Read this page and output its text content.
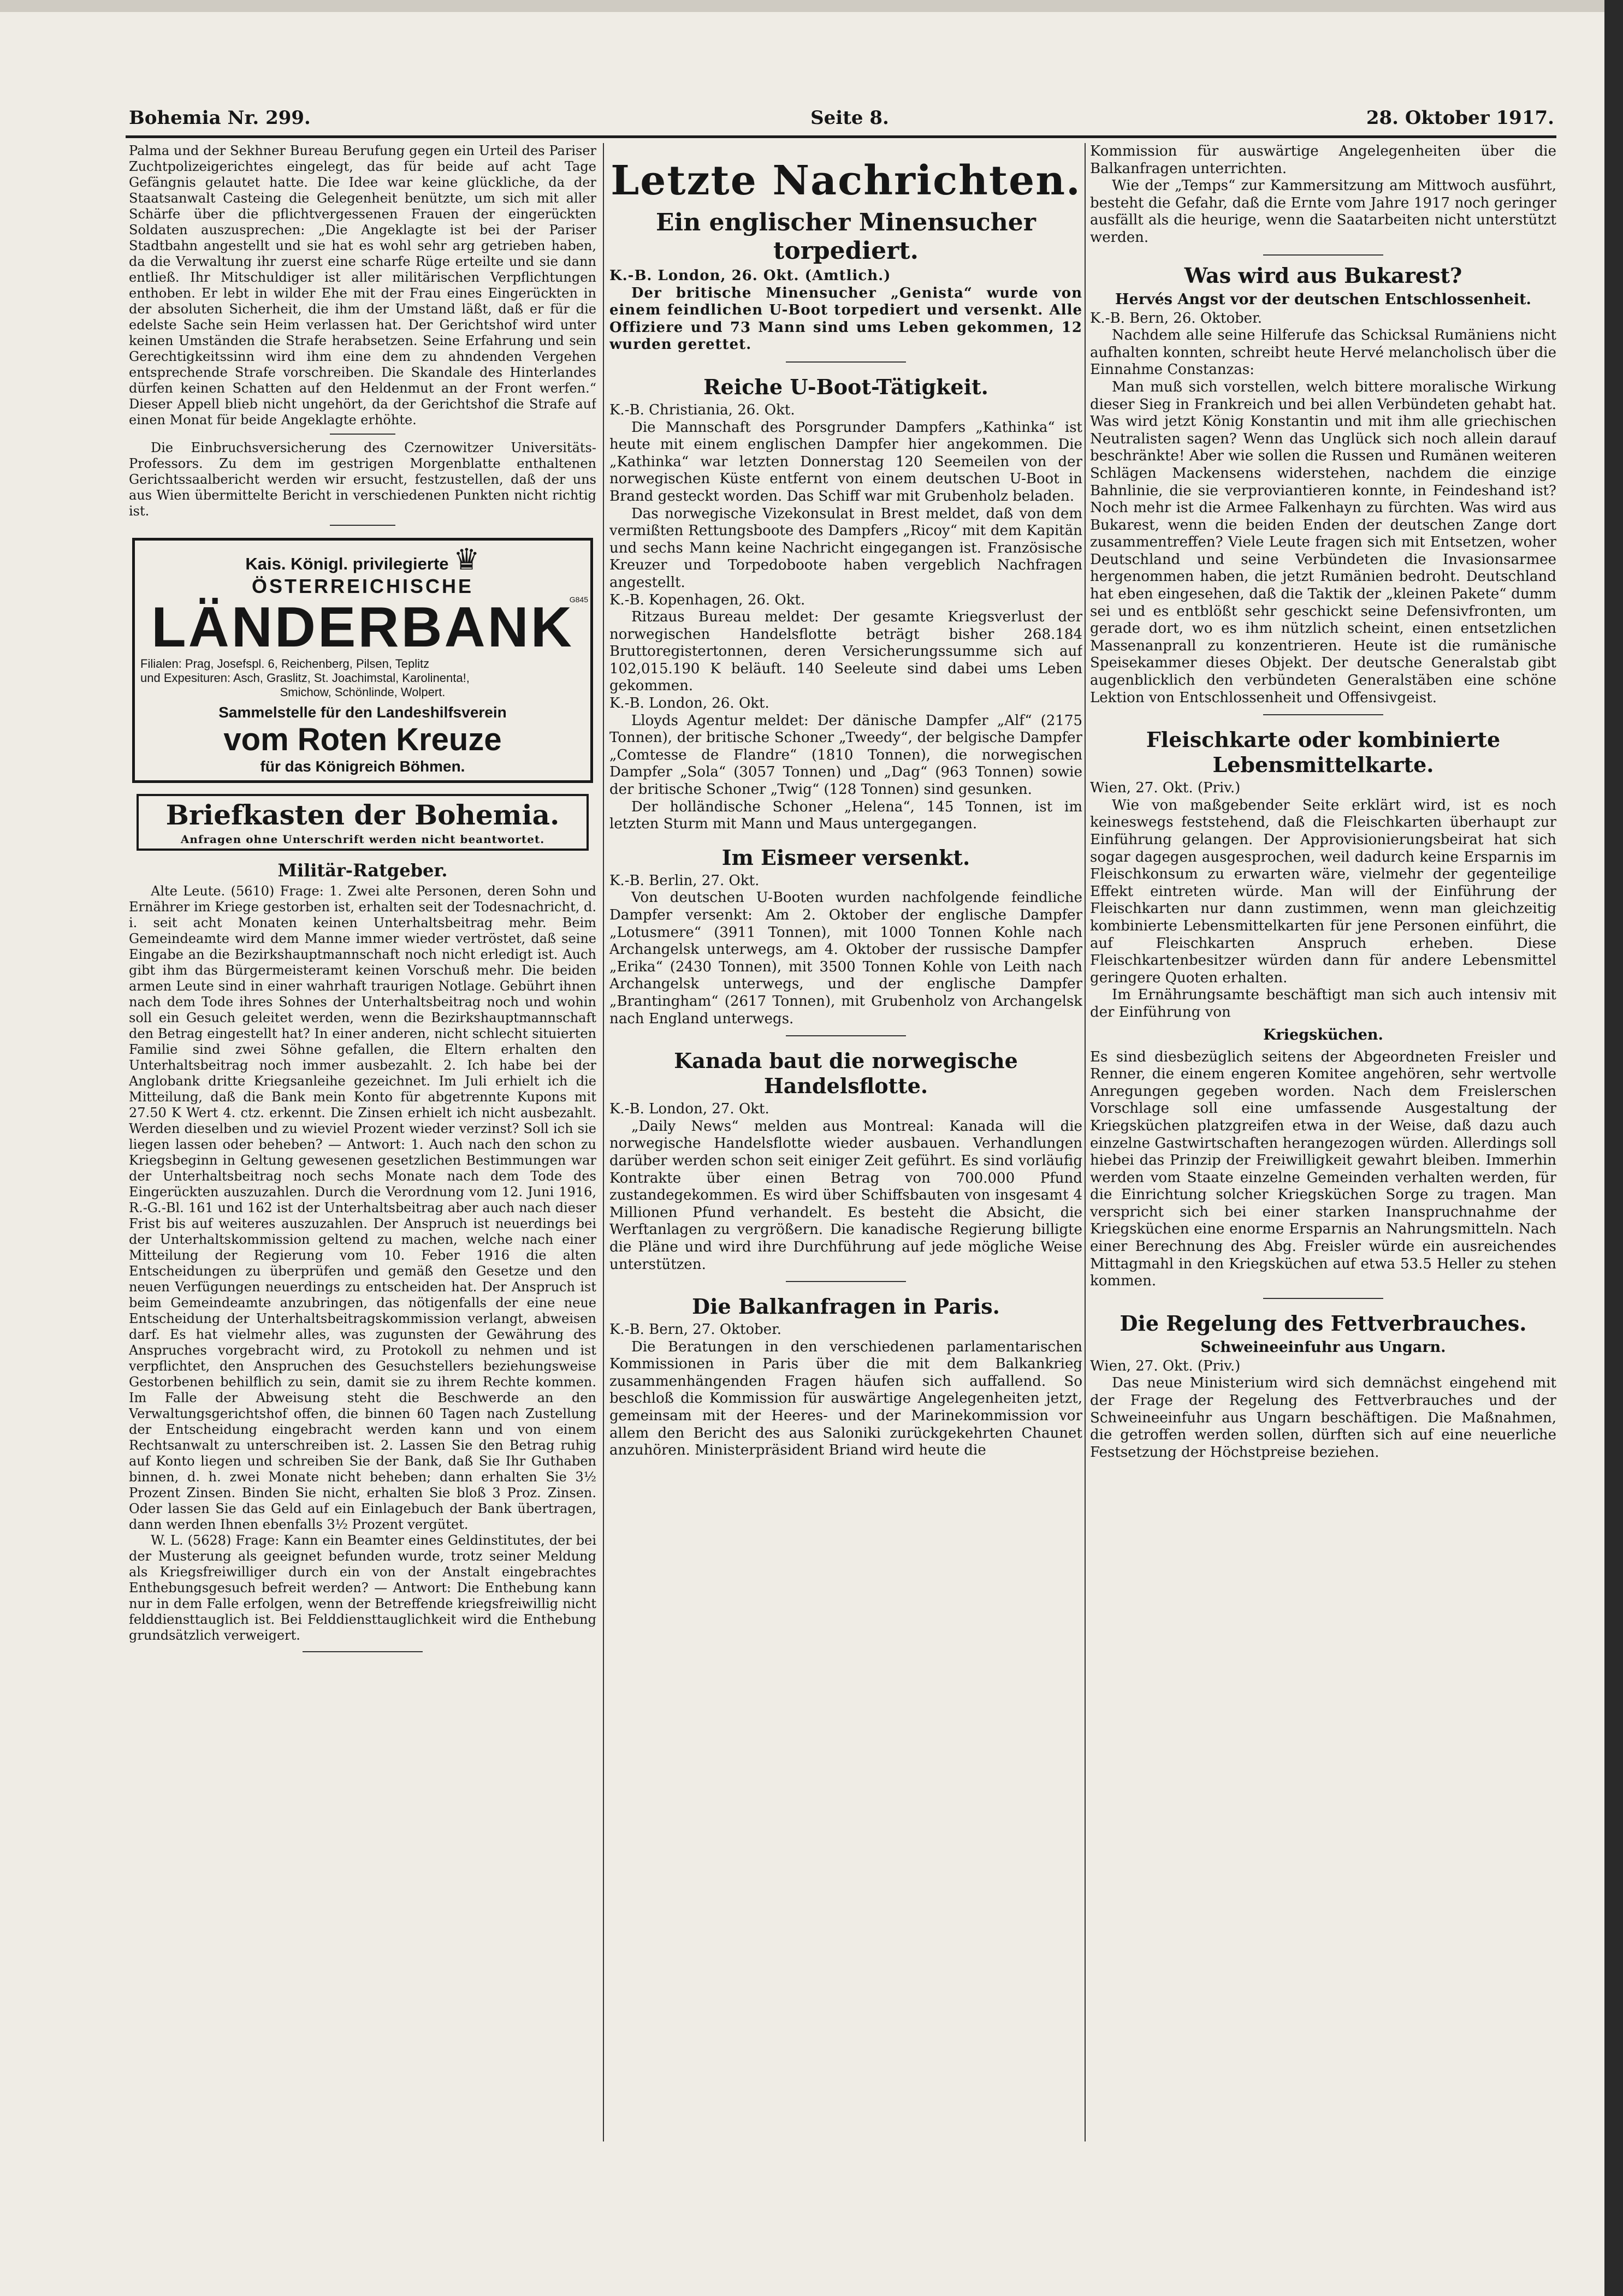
Bohemia Nr. 299.	Seite 8.	28. Oktober 1917.

Palma und der Sekhner Bureau Berufung gegen ein Urteil des Pariser Zuchtpolizeigerichtes eingelegt, das für beide auf acht Tage Gefängnis gelautet hatte. Die Idee war keine glückliche, da der Staatsanwalt Casteing die Gelegenheit benützte, um sich mit aller Schärfe über die pflichtvergessenen Frauen der eingerückten Soldaten auszusprechen: „Die Angeklagte ist bei der Pariser Stadtbahn angestellt und sie hat es wohl sehr arg getrieben haben, da die Verwaltung ihr zuerst eine scharfe Rüge erteilte und sie dann entließ. Ihr Mitschuldiger ist aller militärischen Verpflichtungen enthoben. Er lebt in wilder Ehe mit der Frau eines Eingerückten in der absoluten Sicherheit, die ihm der Umstand läßt, daß er für die edelste Sache sein Heim verlassen hat. Der Gerichtshof wird unter keinen Umständen die Strafe herabsetzen. Seine Erfahrung und sein Gerechtigkeitssinn wird ihm eine dem zu ahndenden Vergehen entsprechende Strafe vorschreiben. Die Skandale des Hinterlandes dürfen keinen Schatten auf den Heldenmut an der Front werfen.“ Dieser Appell blieb nicht ungehört, da der Gerichtshof die Strafe auf einen Monat für beide Angeklagte erhöhte.

Die Einbruchsversicherung des Czernowitzer Universitäts-Professors. Zu dem im gestrigen Morgenblatte enthaltenen Gerichtssaalbericht werden wir ersucht, festzustellen, daß der uns aus Wien übermittelte Bericht in verschiedenen Punkten nicht richtig ist.

Kais. Königl. privilegierte ♛
ÖSTERREICHISCHE
LÄNDERBANK
G845
Filialen: Prag, Josefspl. 6, Reichenberg, Pilsen, Teplitz
und Expesituren: Asch, Graslitz, St. Joachimstal, Karolinenta!,
Smichow, Schönlinde, Wolpert.
Sammelstelle für den Landeshilfsverein
vom Roten Kreuze
für das Königreich Böhmen.
Briefkasten der Bohemia.
Anfragen ohne Unterschrift werden nicht beantwortet.
Militär-Ratgeber.

Alte Leute. (5610) Frage: 1. Zwei alte Personen, deren Sohn und Ernährer im Kriege gestorben ist, erhalten seit der Todesnachricht, d. i. seit acht Monaten keinen Unterhaltsbeitrag mehr. Beim Gemeindeamte wird dem Manne immer wieder vertröstet, daß seine Eingabe an die Bezirkshauptmannschaft noch nicht erledigt ist. Auch gibt ihm das Bürgermeisteramt keinen Vorschuß mehr. Die beiden armen Leute sind in einer wahrhaft traurigen Notlage. Gebührt ihnen nach dem Tode ihres Sohnes der Unterhaltsbeitrag noch und wohin soll ein Gesuch geleitet werden, wenn die Bezirkshauptmannschaft den Betrag eingestellt hat? In einer anderen, nicht schlecht situierten Familie sind zwei Söhne gefallen, die Eltern erhalten den Unterhaltsbeitrag noch immer ausbezahlt. 2. Ich habe bei der Anglobank dritte Kriegsanleihe gezeichnet. Im Juli erhielt ich die Mitteilung, daß die Bank mein Konto für abgetrennte Kupons mit 27.50 K Wert 4. ctz. erkennt. Die Zinsen erhielt ich nicht ausbezahlt. Werden dieselben und zu wieviel Prozent wieder verzinst? Soll ich sie liegen lassen oder beheben? — Antwort: 1. Auch nach den schon zu Kriegsbeginn in Geltung gewesenen gesetzlichen Bestimmungen war der Unterhaltsbeitrag noch sechs Monate nach dem Tode des Eingerückten auszuzahlen. Durch die Verordnung vom 12. Juni 1916, R.-G.-Bl. 161 und 162 ist der Unterhaltsbeitrag aber auch nach dieser Frist bis auf weiteres auszuzahlen. Der Anspruch ist neuerdings bei der Unterhaltskommission geltend zu machen, welche nach einer Mitteilung der Regierung vom 10. Feber 1916 die alten Entscheidungen zu überprüfen und gemäß den Gesetze und den neuen Verfügungen neuerdings zu entscheiden hat. Der Anspruch ist beim Gemeindeamte anzubringen, das nötigenfalls der eine neue Entscheidung der Unterhaltsbeitragskommission verlangt, abweisen darf. Es hat vielmehr alles, was zugunsten der Gewährung des Anspruches vorgebracht wird, zu Protokoll zu nehmen und ist verpflichtet, den Anspruchen des Gesuchstellers beziehungsweise Gestorbenen behilflich zu sein, damit sie zu ihrem Rechte kommen. Im Falle der Abweisung steht die Beschwerde an den Verwaltungsgerichtshof offen, die binnen 60 Tagen nach Zustellung der Entscheidung eingebracht werden kann und von einem Rechtsanwalt zu unterschreiben ist. 2. Lassen Sie den Betrag ruhig auf Konto liegen und schreiben Sie der Bank, daß Sie Ihr Guthaben binnen, d. h. zwei Monate nicht beheben; dann erhalten Sie 3½ Prozent Zinsen. Binden Sie nicht, erhalten Sie bloß 3 Proz. Zinsen. Oder lassen Sie das Geld auf ein Einlagebuch der Bank übertragen, dann werden Ihnen ebenfalls 3½ Prozent vergütet.

W. L. (5628) Frage: Kann ein Beamter eines Geldinstitutes, der bei der Musterung als geeignet befunden wurde, trotz seiner Meldung als Kriegsfreiwilliger durch ein von der Anstalt eingebrachtes Enthebungsgesuch befreit werden? — Antwort: Die Enthebung kann nur in dem Falle erfolgen, wenn der Betreffende kriegsfreiwillig nicht felddiensttauglich ist. Bei Felddiensttauglichkeit wird die Enthebung grundsätzlich verweigert.

Letzte Nachrichten.
Ein englischer Minensucher torpediert.

K.-B. London, 26. Okt. (Amtlich.)

Der britische Minensucher „Genista“ wurde von einem feindlichen U-Boot torpediert und versenkt. Alle Offiziere und 73 Mann sind ums Leben gekommen, 12 wurden gerettet.

Reiche U-Boot-Tätigkeit.

K.-B. Christiania, 26. Okt.

Die Mannschaft des Porsgrunder Dampfers „Kathinka“ ist heute mit einem englischen Dampfer hier angekommen. Die „Kathinka“ war letzten Donnerstag 120 Seemeilen von der norwegischen Küste entfernt von einem deutschen U-Boot in Brand gesteckt worden. Das Schiff war mit Grubenholz beladen.

Das norwegische Vizekonsulat in Brest meldet, daß von dem vermißten Rettungsboote des Dampfers „Ricoy“ mit dem Kapitän und sechs Mann keine Nachricht eingegangen ist. Französische Kreuzer und Torpedoboote haben vergeblich Nachfragen angestellt.

K.-B. Kopenhagen, 26. Okt.

Ritzaus Bureau meldet: Der gesamte Kriegsverlust der norwegischen Handelsflotte beträgt bisher 268.184 Bruttoregistertonnen, deren Versicherungssumme sich auf 102,015.190 K beläuft. 140 Seeleute sind dabei ums Leben gekommen.

K.-B. London, 26. Okt.

Lloyds Agentur meldet: Der dänische Dampfer „Alf“ (2175 Tonnen), der britische Schoner „Tweedy“, der belgische Dampfer „Comtesse de Flandre“ (1810 Tonnen), die norwegischen Dampfer „Sola“ (3057 Tonnen) und „Dag“ (963 Tonnen) sowie der britische Schoner „Twig“ (128 Tonnen) sind gesunken.

Der holländische Schoner „Helena“, 145 Tonnen, ist im letzten Sturm mit Mann und Maus untergegangen.

Im Eismeer versenkt.

K.-B. Berlin, 27. Okt.

Von deutschen U-Booten wurden nachfolgende feindliche Dampfer versenkt: Am 2. Oktober der englische Dampfer „Lotusmere“ (3911 Tonnen), mit 1000 Tonnen Kohle nach Archangelsk unterwegs, am 4. Oktober der russische Dampfer „Erika“ (2430 Tonnen), mit 3500 Tonnen Kohle von Leith nach Archangelsk unterwegs, und der englische Dampfer „Brantingham“ (2617 Tonnen), mit Grubenholz von Archangelsk nach England unterwegs.

Kanada baut die norwegische Handelsflotte.

K.-B. London, 27. Okt.

„Daily News“ melden aus Montreal: Kanada will die norwegische Handelsflotte wieder ausbauen. Verhandlungen darüber werden schon seit einiger Zeit geführt. Es sind vorläufig Kontrakte über einen Betrag von 700.000 Pfund zustandegekommen. Es wird über Schiffsbauten von insgesamt 4 Millionen Pfund verhandelt. Es besteht die Absicht, die Werftanlagen zu vergrößern. Die kanadische Regierung billigte die Pläne und wird ihre Durchführung auf jede mögliche Weise unterstützen.

Die Balkanfragen in Paris.

K.-B. Bern, 27. Oktober.

Die Beratungen in den verschiedenen parlamentarischen Kommissionen in Paris über die mit dem Balkankrieg zusammenhängenden Fragen häufen sich auffallend. So beschloß die Kommission für auswärtige Angelegenheiten jetzt, gemeinsam mit der Heeres- und der Marinekommission vor allem den Bericht des aus Saloniki zurückgekehrten Chaunet anzuhören. Ministerpräsident Briand wird heute die

Kommission für auswärtige Angelegenheiten über die Balkanfragen unterrichten.

Wie der „Temps“ zur Kammersitzung am Mittwoch ausführt, besteht die Gefahr, daß die Ernte vom Jahre 1917 noch geringer ausfällt als die heurige, wenn die Saatarbeiten nicht unterstützt werden.

Was wird aus Bukarest?
Hervés Angst vor der deutschen Entschlossenheit.

K.-B. Bern, 26. Oktober.

Nachdem alle seine Hilferufe das Schicksal Rumäniens nicht aufhalten konnten, schreibt heute Hervé melancholisch über die Einnahme Constanzas:

Man muß sich vorstellen, welch bittere moralische Wirkung dieser Sieg in Frankreich und bei allen Verbündeten gehabt hat. Was wird jetzt König Konstantin und mit ihm alle griechischen Neutralisten sagen? Wenn das Unglück sich noch allein darauf beschränkte! Aber wie sollen die Russen und Rumänen weiteren Schlägen Mackensens widerstehen, nachdem die einzige Bahnlinie, die sie verproviantieren konnte, in Feindeshand ist? Noch mehr ist die Armee Falkenhayn zu fürchten. Was wird aus Bukarest, wenn die beiden Enden der deutschen Zange dort zusammentreffen? Viele Leute fragen sich mit Entsetzen, woher Deutschland und seine Verbündeten die Invasionsarmee hergenommen haben, die jetzt Rumänien bedroht. Deutschland hat eben eingesehen, daß die Taktik der „kleinen Pakete“ dumm sei und es entblößt sehr geschickt seine Defensivfronten, um gerade dort, wo es ihm nützlich scheint, einen entsetzlichen Massenanprall zu konzentrieren. Heute ist die rumänische Speisekammer dieses Objekt. Der deutsche Generalstab gibt augenblicklich den verbündeten Generalstäben eine schöne Lektion von Entschlossenheit und Offensivgeist.

Fleischkarte oder kombinierte Lebensmittelkarte.

Wien, 27. Okt. (Priv.)

Wie von maßgebender Seite erklärt wird, ist es noch keineswegs feststehend, daß die Fleischkarten überhaupt zur Einführung gelangen. Der Approvisionierungsbeirat hat sich sogar dagegen ausgesprochen, weil dadurch keine Ersparnis im Fleischkonsum zu erwarten wäre, vielmehr der gegenteilige Effekt eintreten würde. Man will der Einführung der Fleischkarten nur dann zustimmen, wenn man gleichzeitig kombinierte Lebensmittelkarten für jene Personen einführt, die auf Fleischkarten Anspruch erheben. Diese Fleischkartenbesitzer würden dann für andere Lebensmittel geringere Quoten erhalten.

Im Ernährungsamte beschäftigt man sich auch intensiv mit der Einführung von

Kriegsküchen.

Es sind diesbezüglich seitens der Abgeordneten Freisler und Renner, die einem engeren Komitee angehören, sehr wertvolle Anregungen gegeben worden. Nach dem Freislerschen Vorschlage soll eine umfassende Ausgestaltung der Kriegsküchen platzgreifen etwa in der Weise, daß dazu auch einzelne Gastwirtschaften herangezogen würden. Allerdings soll hiebei das Prinzip der Freiwilligkeit gewahrt bleiben. Immerhin werden vom Staate einzelne Gemeinden verhalten werden, für die Einrichtung solcher Kriegsküchen Sorge zu tragen. Man verspricht sich bei einer starken Inanspruchnahme der Kriegsküchen eine enorme Ersparnis an Nahrungsmitteln. Nach einer Berechnung des Abg. Freisler würde ein ausreichendes Mittagmahl in den Kriegsküchen auf etwa 53.5 Heller zu stehen kommen.

Die Regelung des Fettverbrauches.
Schweineeinfuhr aus Ungarn.

Wien, 27. Okt. (Priv.)

Das neue Ministerium wird sich demnächst eingehend mit der Frage der Regelung des Fettverbrauches und der Schweineeinfuhr aus Ungarn beschäftigen. Die Maßnahmen, die getroffen werden sollen, dürften sich auf eine neuerliche Festsetzung der Höchstpreise beziehen.
